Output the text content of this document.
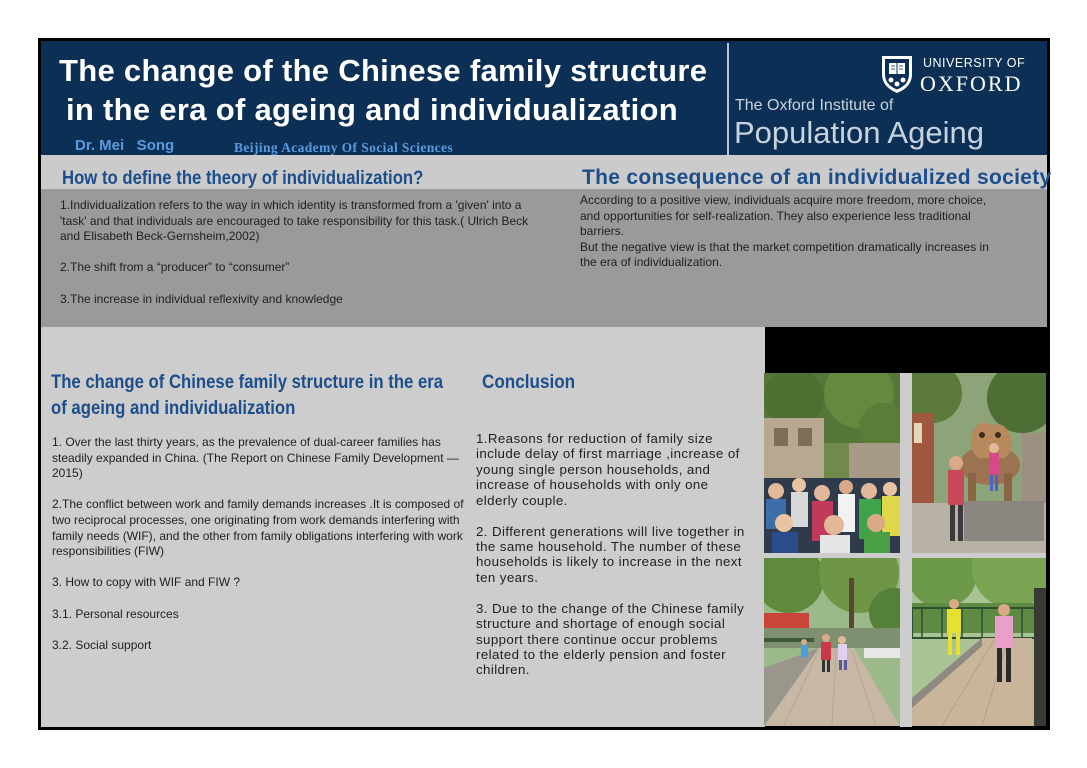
The change of the Chinese family structure
in the era of ageing and individualization
Dr. Mei   Song	Beijing Academy Of Social Sciences
UNIVERSITY OF
OXFORD
The Oxford Institute of
Population Ageing
How to define the theory of individualization?

1.Individualization refers to the way in which identity is transformed from a 'given' into a 'task' and that individuals are encouraged to take responsibility for this task.( Ulrich Beck and Elisabeth Beck-Gernsheim,2002)

2.The shift from a “producer” to “consumer”

3.The increase in individual reflexivity and knowledge

The consequence of an individualized society

According to a positive view, individuals acquire more freedom, more choice, and opportunities for self-realization. They also experience less traditional barriers.

But the negative view is that the market competition dramatically increases in the era of individualization.

The change of Chinese family structure in the era of ageing and individualization

1. Over the last thirty years, as the prevalence of dual-career families has steadily expanded in China. (The Report on Chinese Family Development —2015)

2.The conflict between work and family demands increases .It is composed of two reciprocal processes, one originating from work demands interfering with family needs (WIF), and the other from family obligations interfering with work responsibilities (FIW)

3. How to copy with WIF and FIW ?

3.1. Personal resources

3.2. Social support

Conclusion

1.Reasons for reduction of family size include delay of first marriage ,increase of young single person households, and increase of households with only one elderly couple.

2. Different generations will live together in the same household. The number of these households is likely to increase in the next ten years.

3. Due to the change of the Chinese family structure and shortage of enough social support there continue occur problems related to the elderly pension and foster children.
